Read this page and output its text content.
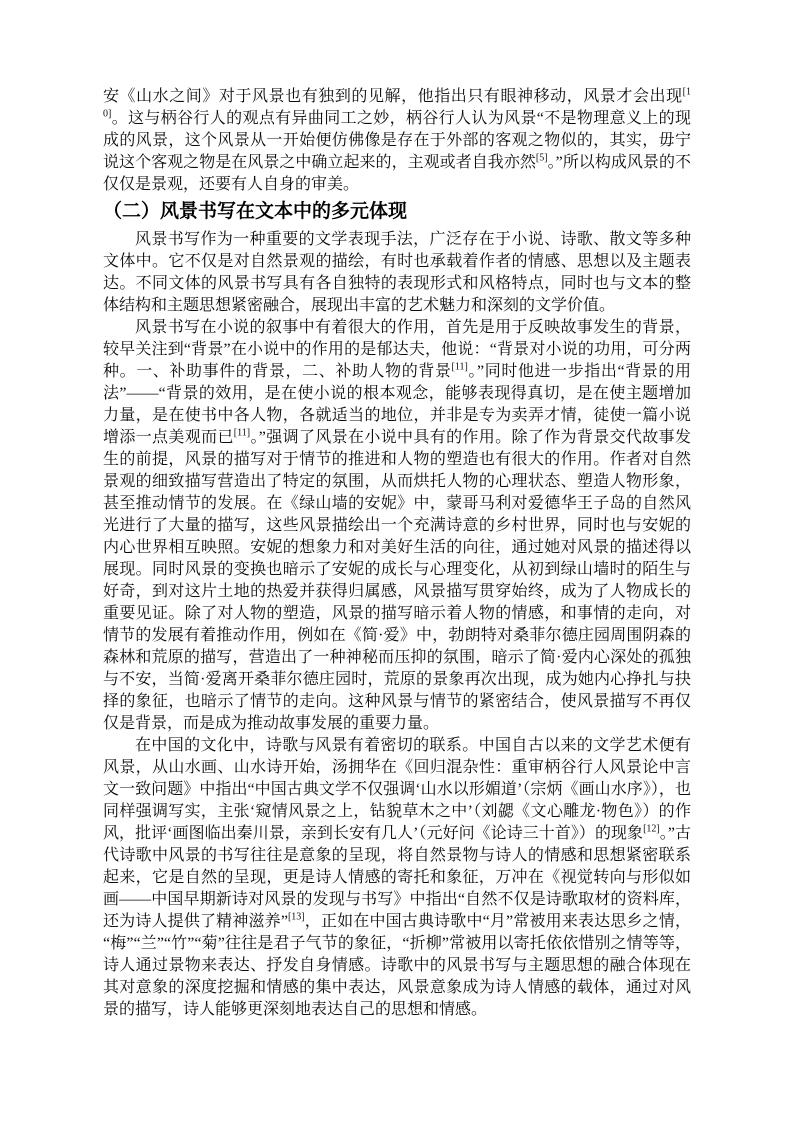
安《山水之间》对于风景也有独到的见解，他指出只有眼神移动，风景才会出现[10]。这与柄谷行人的观点有异曲同工之妙，柄谷行人认为风景“不是物理意义上的现成的风景，这个风景从一开始便仿佛像是存在于外部的客观之物似的，其实，毋宁说这个客观之物是在风景之中确立起来的，主观或者自我亦然[5]。”所以构成风景的不仅仅是景观，还要有人自身的审美。

（二）风景书写在文本中的多元体现

风景书写作为一种重要的文学表现手法，广泛存在于小说、诗歌、散文等多种文体中。它不仅是对自然景观的描绘，有时也承载着作者的情感、思想以及主题表达。不同文体的风景书写具有各自独特的表现形式和风格特点，同时也与文本的整体结构和主题思想紧密融合，展现出丰富的艺术魅力和深刻的文学价值。

风景书写在小说的叙事中有着很大的作用，首先是用于反映故事发生的背景，较早关注到“背景”在小说中的作用的是郁达夫，他说：“背景对小说的功用，可分两种。一、补助事件的背景，二、补助人物的背景[11]。”同时他进一步指出“背景的用法”——“背景的效用，是在使小说的根本观念，能够表现得真切，是在使主题增加力量，是在使书中各人物，各就适当的地位，并非是专为卖弄才情，徒使一篇小说增添一点美观而已[11]。”强调了风景在小说中具有的作用。除了作为背景交代故事发生的前提，风景的描写对于情节的推进和人物的塑造也有很大的作用。作者对自然景观的细致描写营造出了特定的氛围，从而烘托人物的心理状态、塑造人物形象，甚至推动情节的发展。在《绿山墙的安妮》中，蒙哥马利对爱德华王子岛的自然风光进行了大量的描写，这些风景描绘出一个充满诗意的乡村世界，同时也与安妮的内心世界相互映照。安妮的想象力和对美好生活的向往，通过她对风景的描述得以展现。同时风景的变换也暗示了安妮的成长与心理变化，从初到绿山墙时的陌生与好奇，到对这片土地的热爱并获得归属感，风景描写贯穿始终，成为了人物成长的重要见证。除了对人物的塑造，风景的描写暗示着人物的情感，和事情的走向，对情节的发展有着推动作用，例如在《简·爱》中，勃朗特对桑菲尔德庄园周围阴森的森林和荒原的描写，营造出了一种神秘而压抑的氛围，暗示了简·爱内心深处的孤独与不安，当简·爱离开桑菲尔德庄园时，荒原的景象再次出现，成为她内心挣扎与抉择的象征，也暗示了情节的走向。这种风景与情节的紧密结合，使风景描写不再仅仅是背景，而是成为推动故事发展的重要力量。

在中国的文化中，诗歌与风景有着密切的联系。中国自古以来的文学艺术便有风景，从山水画、山水诗开始，汤拥华在《回归混杂性：重审柄谷行人风景论中言文一致问题》中指出“中国古典文学不仅强调‘山水以形媚道’（宗炳《画山水序》），也同样强调写实，主张‘窥情风景之上，钻貌草木之中’（刘勰《文心雕龙·物色》）的作风，批评‘画图临出秦川景，亲到长安有几人’（元好问《论诗三十首》）的现象[12]。”古代诗歌中风景的书写往往是意象的呈现，将自然景物与诗人的情感和思想紧密联系起来，它是自然的呈现，更是诗人情感的寄托和象征，万冲在《视觉转向与形似如画——中国早期新诗对风景的发现与书写》中指出“自然不仅是诗歌取材的资料库，还为诗人提供了精神滋养”[13]，正如在中国古典诗歌中“月”常被用来表达思乡之情，“梅”“兰”“竹”“菊”往往是君子气节的象征，“折柳”常被用以寄托依依惜别之情等等，诗人通过景物来表达、抒发自身情感。诗歌中的风景书写与主题思想的融合体现在其对意象的深度挖掘和情感的集中表达，风景意象成为诗人情感的载体，通过对风景的描写，诗人能够更深刻地表达自己的思想和情感。
